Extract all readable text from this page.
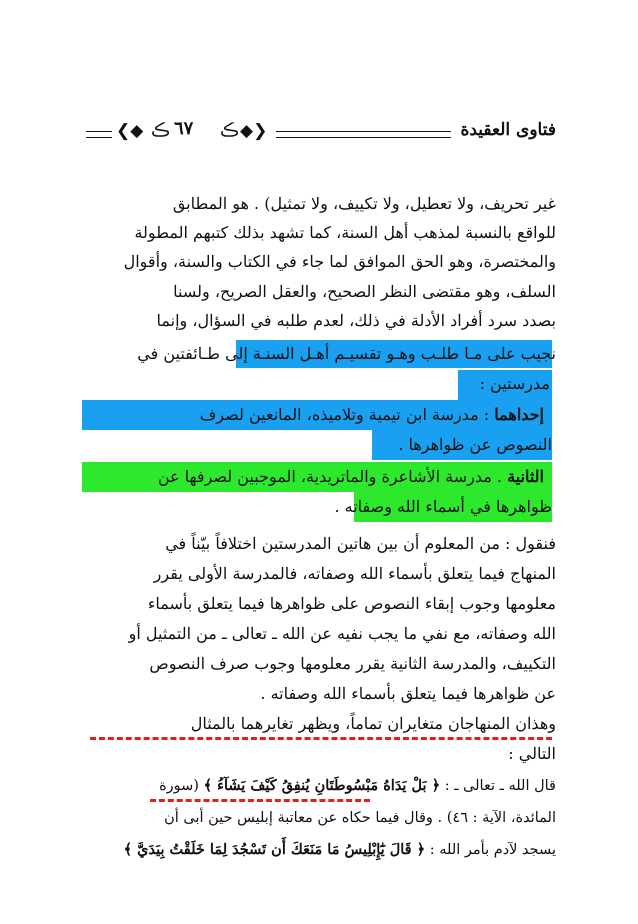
❮◆ ڪ ٦٧ ڪ ◆❯	فتاوى العقيدة
غير تحريف، ولا تعطيل، ولا تكييف، ولا تمثيل) . هو المطابق
للواقع بالنسبة لمذهب أهل السنة، كما تشهد بذلك كتبهم المطولة
والمختصرة، وهو الحق الموافق لما جاء في الكتاب والسنة، وأقوال
السلف، وهو مقتضى النظر الصحيح، والعقل الصريح، ولسنا
بصدد سرد أفراد الأدلة في ذلك، لعدم طلبه في السؤال، وإنما
نجيب على مـا طلـب وهـو تقسيـم أهـل السنـة إلى طـائفتين في
مدرستين :
إحداهما : مدرسة ابن تيمية وتلاميذه، المانعين لصرف
النصوص عن ظواهرها .
الثانية . مدرسة الأشاعرة والماتريدية، الموجبين لصرفها عن
ظواهرها في أسماء الله وصفاته .
فنقول : من المعلوم أن بين هاتين المدرستين اختلافاً بيّناً في
المنهاج فيما يتعلق بأسماء الله وصفاته، فالمدرسة الأولى يقرر
معلومها وجوب إبقاء النصوص على ظواهرها فيما يتعلق بأسماء
الله وصفاته، مع نفي ما يجب نفيه عن الله ـ تعالى ـ من التمثيل أو
التكييف، والمدرسة الثانية يقرر معلومها وجوب صرف النصوص
عن ظواهرها فيما يتعلق بأسماء الله وصفاته .
وهذان المنهاجان متغايران تماماً، ويظهر تغايرهما بالمثال
التالي :
قال الله ـ تعالى ـ : ﴿ بَلْ يَدَاهُ مَبْسُوطَتَانِ يُنفِقُ كَيْفَ يَشَآءُ ﴾ (سورة
المائدة، الآية : ٤٦) . وقال فيما حكاه عن معاتبة إبليس حين أبى أن
يسجد لآدم بأمر الله : ﴿ قَالَ يَٰٓإِبْلِيسُ مَا مَنَعَكَ أَن تَسْجُدَ لِمَا خَلَقْتُ بِيَدَيَّ ﴾
